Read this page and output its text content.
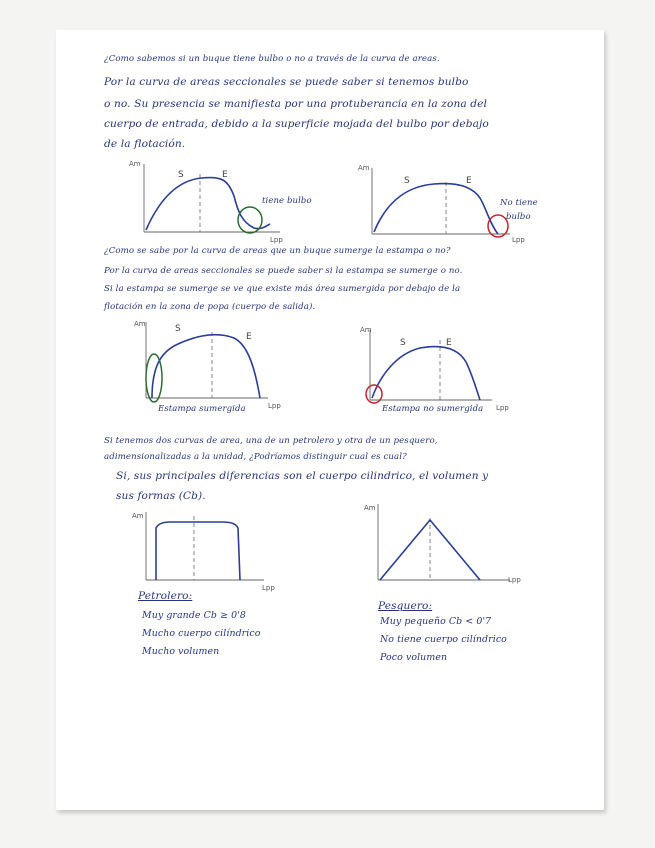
¿Como sabemos si un buque tiene bulbo o no a través de la curva de areas.
Por la curva de areas seccionales se puede saber si tenemos bulbo
o no. Su presencia se manifiesta por una protuberancia en la zona del
cuerpo de entrada, debido a la superficie mojada del bulbo por debajo
de la flotación.
Am
Lpp
S	E
tiene bulbo
Am
Lpp
S	E
No tiene
bulbo
¿Como se sabe por la curva de areas que un buque sumerge la estampa o no?
Por la curva de areas seccionales se puede saber si la estampa se sumerge o no.
Si la estampa se sumerge se ve que existe más área sumergida por debajo de la
flotación en la zona de popa (cuerpo de salida).
Am
Lpp
S
E
Estampa sumergida
Am
Lpp
S	E
Estampa no sumergida
Si tenemos dos curvas de area, una de un petrolero y otra de un pesquero,
adimensionalizadas a la unidad, ¿Podríamos distinguir cual es cual?
Si, sus principales diferencias son el cuerpo cilindrico, el volumen y
sus formas (Cb).
Am
Lpp
Am
Lpp
Petrolero:
Muy grande Cb ≥ 0'8
Mucho cuerpo cilíndrico
Mucho volumen
Pesquero:
Muy pequeño Cb < 0'7
No tiene cuerpo cilíndrico
Poco volumen
